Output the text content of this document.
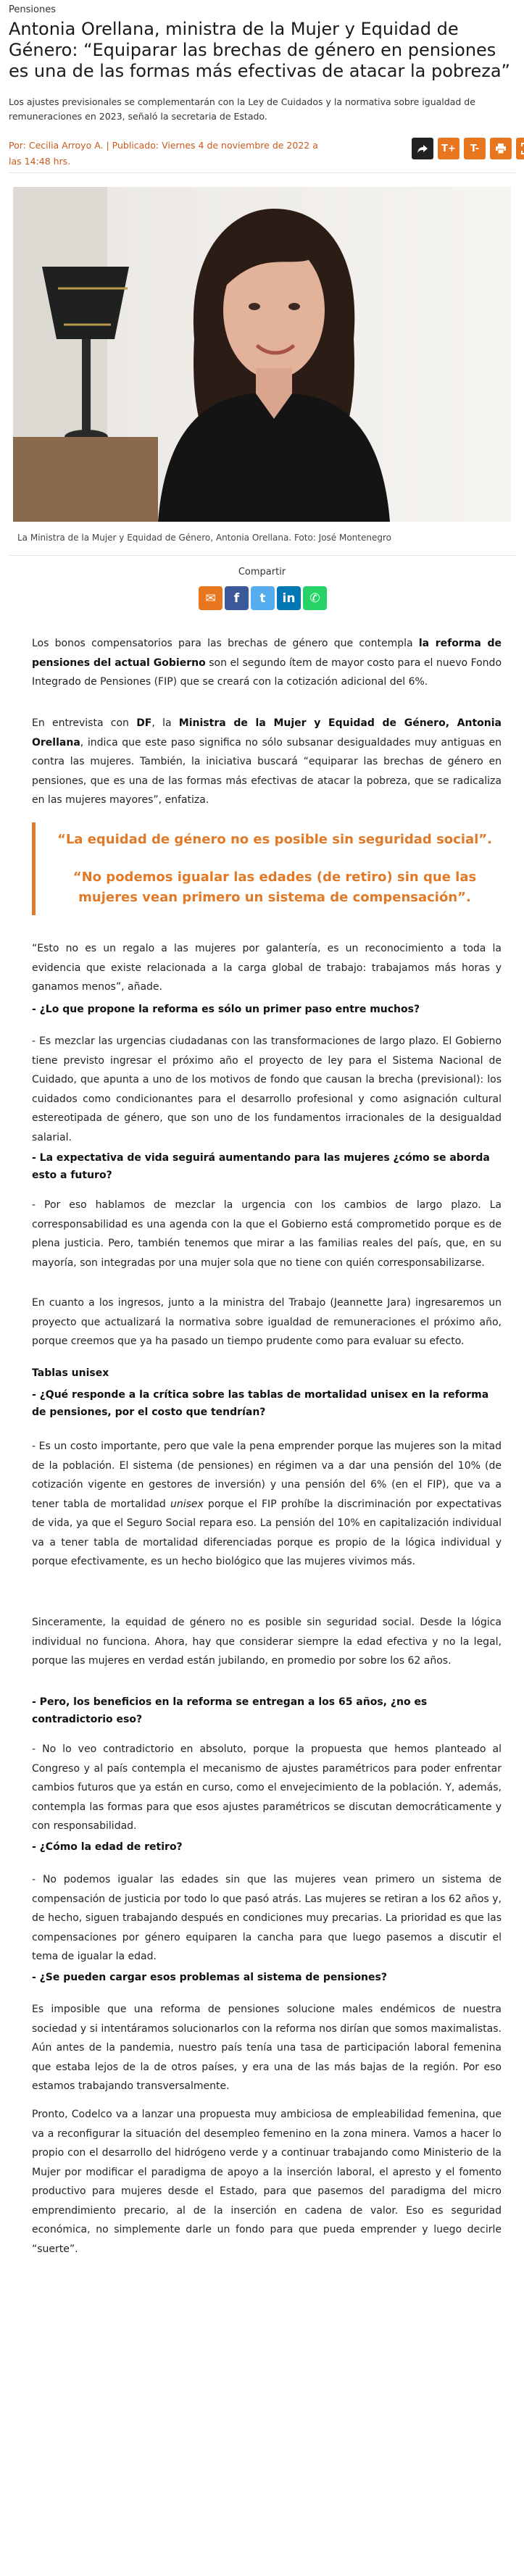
Pensiones
Antonia Orellana, ministra de la Mujer y Equidad de Género: “Equiparar las brechas de género en pensiones es una de las formas más efectivas de atacar la pobreza”
Los ajustes previsionales se complementarán con la Ley de Cuidados y la normativa sobre igualdad de remuneraciones en 2023, señaló la secretaria de Estado.
Por: Cecilia Arroyo A. | Publicado: Viernes 4 de noviembre de 2022 a
las 14:48 hrs.
T+	T-
La Ministra de la Mujer y Equidad de Género, Antonia Orellana. Foto: José Montenegro
Compartir
✉	f	t	in	✆
Los bonos compensatorios para las brechas de género que contempla la reforma de pensiones del actual Gobierno son el segundo ítem de mayor costo para el nuevo Fondo Integrado de Pensiones (FIP) que se creará con la cotización adicional del 6%.
En entrevista con DF, la Ministra de la Mujer y Equidad de Género, Antonia Orellana, indica que este paso significa no sólo subsanar desigualdades muy antiguas en contra las mujeres. También, la iniciativa buscará “equiparar las brechas de género en pensiones, que es una de las formas más efectivas de atacar la pobreza, que se radicaliza en las mujeres mayores”, enfatiza.
“La equidad de género no es posible sin seguridad social”.
“No podemos igualar las edades (de retiro) sin que las mujeres vean primero un sistema de compensación”.
“Esto no es un regalo a las mujeres por galantería, es un reconocimiento a toda la evidencia que existe relacionada a la carga global de trabajo: trabajamos más horas y ganamos menos”, añade.
- ¿Lo que propone la reforma es sólo un primer paso entre muchos?
- Es mezclar las urgencias ciudadanas con las transformaciones de largo plazo. El Gobierno tiene previsto ingresar el próximo año el proyecto de ley para el Sistema Nacional de Cuidado, que apunta a uno de los motivos de fondo que causan la brecha (previsional): los cuidados como condicionantes para el desarrollo profesional y como asignación cultural estereotipada de género, que son uno de los fundamentos irracionales de la desigualdad salarial.
- La expectativa de vida seguirá aumentando para las mujeres ¿cómo se aborda esto a futuro?
- Por eso hablamos de mezclar la urgencia con los cambios de largo plazo. La corresponsabilidad es una agenda con la que el Gobierno está comprometido porque es de plena justicia. Pero, también tenemos que mirar a las familias reales del país, que, en su mayoría, son integradas por una mujer sola que no tiene con quién corresponsabilizarse.
En cuanto a los ingresos, junto a la ministra del Trabajo (Jeannette Jara) ingresaremos un proyecto que actualizará la normativa sobre igualdad de remuneraciones el próximo año, porque creemos que ya ha pasado un tiempo prudente como para evaluar su efecto.
Tablas unisex
- ¿Qué responde a la crítica sobre las tablas de mortalidad unisex en la reforma de pensiones, por el costo que tendrían?
- Es un costo importante, pero que vale la pena emprender porque las mujeres son la mitad de la población. El sistema (de pensiones) en régimen va a dar una pensión del 10% (de cotización vigente en gestores de inversión) y una pensión del 6% (en el FIP), que va a tener tabla de mortalidad unisex porque el FIP prohíbe la discriminación por expectativas de vida, ya que el Seguro Social repara eso. La pensión del 10% en capitalización individual va a tener tabla de mortalidad diferenciadas porque es propio de la lógica individual y porque efectivamente, es un hecho biológico que las mujeres vivimos más.
Sinceramente, la equidad de género no es posible sin seguridad social. Desde la lógica individual no funciona. Ahora, hay que considerar siempre la edad efectiva y no la legal, porque las mujeres en verdad están jubilando, en promedio por sobre los 62 años.
- Pero, los beneficios en la reforma se entregan a los 65 años, ¿no es contradictorio eso?
- No lo veo contradictorio en absoluto, porque la propuesta que hemos planteado al Congreso y al país contempla el mecanismo de ajustes paramétricos para poder enfrentar cambios futuros que ya están en curso, como el envejecimiento de la población. Y, además, contempla las formas para que esos ajustes paramétricos se discutan democráticamente y con responsabilidad.
- ¿Cómo la edad de retiro?
- No podemos igualar las edades sin que las mujeres vean primero un sistema de compensación de justicia por todo lo que pasó atrás. Las mujeres se retiran a los 62 años y, de hecho, siguen trabajando después en condiciones muy precarias. La prioridad es que las compensaciones por género equiparen la cancha para que luego pasemos a discutir el tema de igualar la edad.
- ¿Se pueden cargar esos problemas al sistema de pensiones?
Es imposible que una reforma de pensiones solucione males endémicos de nuestra sociedad y si intentáramos solucionarlos con la reforma nos dirían que somos maximalistas. Aún antes de la pandemia, nuestro país tenía una tasa de participación laboral femenina que estaba lejos de la de otros países, y era una de las más bajas de la región. Por eso estamos trabajando transversalmente.
Pronto, Codelco va a lanzar una propuesta muy ambiciosa de empleabilidad femenina, que va a reconfigurar la situación del desempleo femenino en la zona minera. Vamos a hacer lo propio con el desarrollo del hidrógeno verde y a continuar trabajando como Ministerio de la Mujer por modificar el paradigma de apoyo a la inserción laboral, el apresto y el fomento productivo para mujeres desde el Estado, para que pasemos del paradigma del micro emprendimiento precario, al de la inserción en cadena de valor. Eso es seguridad económica, no simplemente darle un fondo para que pueda emprender y luego decirle “suerte”.
